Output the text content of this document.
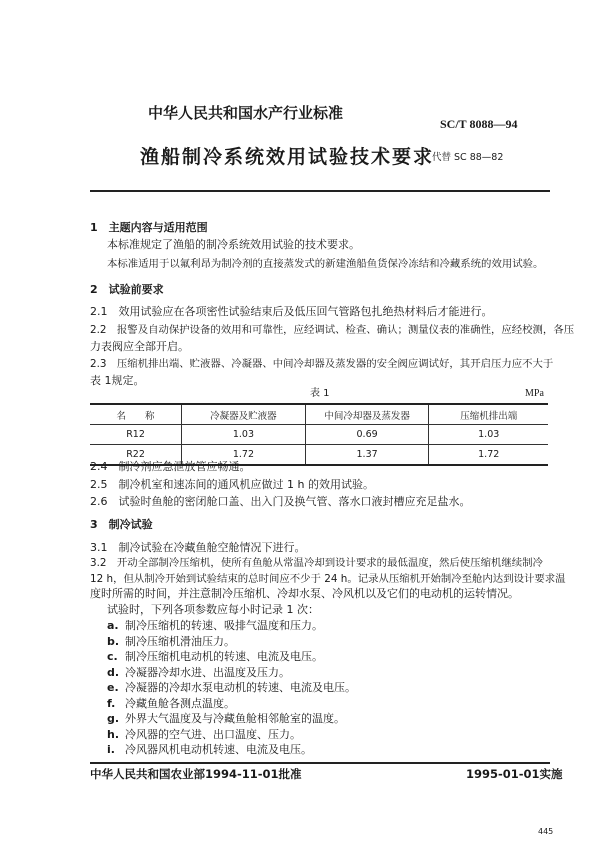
中华人民共和国水产行业标准
SC/T 8088—94
渔船制冷系统效用试验技术要求
代替 SC 88—82
1　主题内容与适用范围
本标准规定了渔船的制冷系统效用试验的技术要求。
本标准适用于以氟利昂为制冷剂的直接蒸发式的新建渔船鱼货保冷冻结和冷藏系统的效用试验。
2　试验前要求
2.1　效用试验应在各项密性试验结束后及低压回气管路包扎绝热材料后才能进行。
2.2　报警及自动保护设备的效用和可靠性，应经调试、检查、确认；测量仪表的准确性，应经校测，各压
力表阀应全部开启。
2.3　压缩机排出端、贮液器、冷凝器、中间冷却器及蒸发器的安全阀应调试好，其开启压力应不大于
表 1规定。
表 1	MPa
名　　称	冷凝器及贮液器	中间冷却器及蒸发器	压缩机排出端
R12	1.03	0.69	1.03
R22	1.72	1.37	1.72
2.4　制冷剂应急泄放管应畅通。
2.5　制冷机室和速冻间的通风机应做过 1 h 的效用试验。
2.6　试验时鱼舱的密闭舱口盖、出入门及换气管、落水口液封槽应充足盐水。
3　制冷试验
3.1　制冷试验在冷藏鱼舱空舱情况下进行。
3.2　开动全部制冷压缩机，使所有鱼舱从常温冷却到设计要求的最低温度，然后使压缩机继续制冷
12 h，但从制冷开始到试验结束的总时间应不少于 24 h。记录从压缩机开始制冷至舱内达到设计要求温
度时所需的时间，并注意制冷压缩机、冷却水泵、冷风机以及它们的电动机的运转情况。
试验时，下列各项参数应每小时记录 1 次：
a. 制冷压缩机的转速、吸排气温度和压力。
b. 制冷压缩机滑油压力。
c. 制冷压缩机电动机的转速、电流及电压。
d. 冷凝器冷却水进、出温度及压力。
e. 冷凝器的冷却水泵电动机的转速、电流及电压。
f. 冷藏鱼舱各测点温度。
g. 外界大气温度及与冷藏鱼舱相邻舱室的温度。
h. 冷风器的空气进、出口温度、压力。
i. 冷风器风机电动机转速、电流及电压。
中华人民共和国农业部1994-11-01批准	1995-01-01实施
445
